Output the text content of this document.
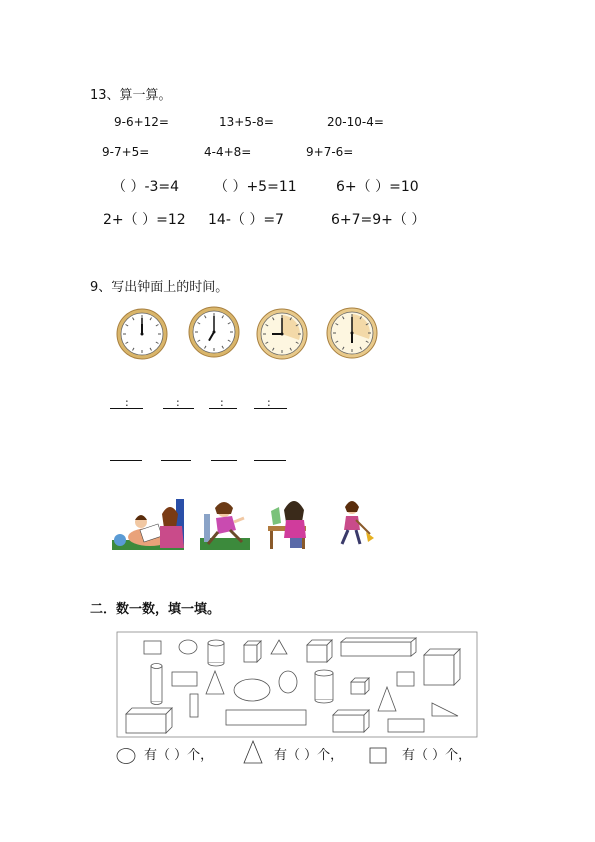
13、算一算。
9-6+12=	13+5-8=	20-10-4=
9-7+5=	4-4+8=	9+7-6=
（ ）-3=4 （ ）+5=11	6+（ ）=10
2+（ ）=12 14-（ ）=7	6+7=9+（ ）
9、写出钟面上的时间。
:	:	:	:
二．数一数，填一填。
有（ ）个，	有（ ）个，	有（ ）个，
